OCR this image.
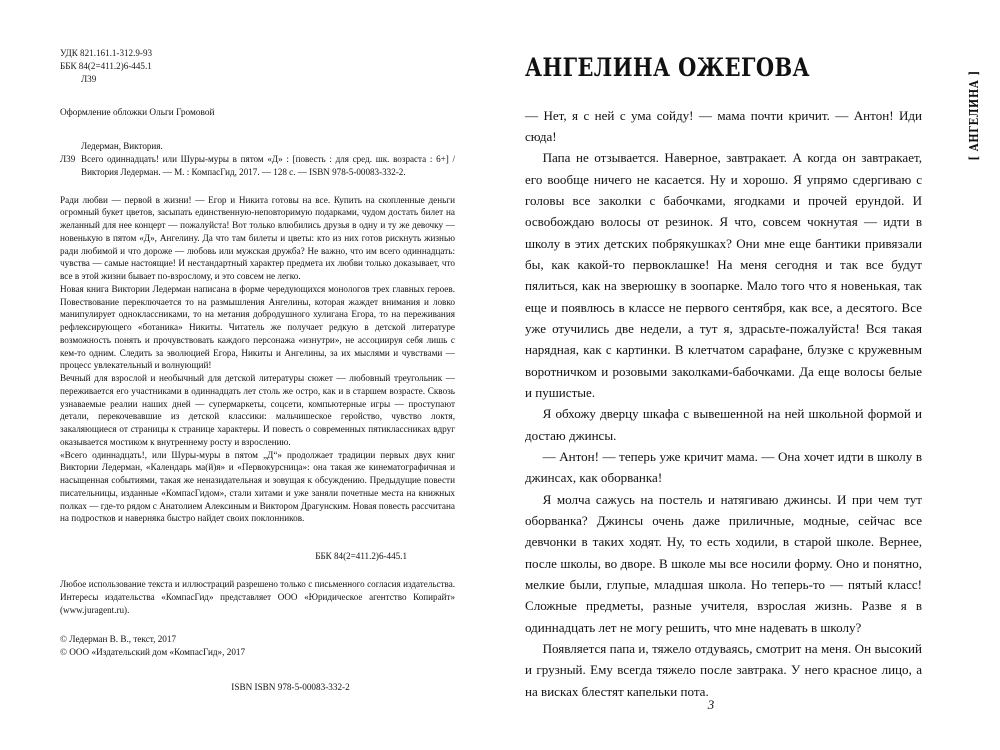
УДК 821.161.1-312.9-93
ББК 84(2=411.2)6-445.1
Л39
Оформление обложки Ольги Громовой
Ледерман, Виктория.
Л39 Всего одиннадцать! или Шуры-муры в пятом «Д» : [повесть : для сред. шк. возраста : 6+] / Виктория Ледерман. — М. : КомпасГид, 2017. — 128 с. — ISBN 978-5-00083-332-2.

Ради любви — первой в жизни! — Егор и Никита готовы на все. Купить на скопленные деньги огромный букет цветов, засыпать единственную-неповторимую подарками, чудом достать билет на желанный для нее концерт — пожалуйста! Вот только влюбились друзья в одну и ту же девочку — новенькую в пятом «Д», Ангелину. Да что там билеты и цветы: кто из них готов рискнуть жизнью ради любимой и что дороже — любовь или мужская дружба? Не важно, что им всего одиннадцать: чувства — самые настоящие! И нестандартный характер предмета их любви только доказывает, что все в этой жизни бывает по-взрослому, и это совсем не легко.

Новая книга Виктории Ледерман написана в форме чередующихся монологов трех главных героев. Повествование переключается то на размышления Ангелины, которая жаждет внимания и ловко манипулирует одноклассниками, то на метания добродушного хулигана Егора, то на переживания рефлексирующего «ботаника» Никиты. Читатель же получает редкую в детской литературе возможность понять и прочувствовать каждого персонажа «изнутри», не ассоциируя себя лишь с кем-то одним. Следить за эволюцией Егора, Никиты и Ангелины, за их мыслями и чувствами — процесс увлекательный и волнующий!

Вечный для взрослой и необычный для детской литературы сюжет — любовный треугольник — переживается его участниками в одиннадцать лет столь же остро, как и в старшем возрасте. Сквозь узнаваемые реалии наших дней — супермаркеты, соцсети, компьютерные игры — проступают детали, перекочевавшие из детской классики: мальчишеское геройство, чувство локтя, закаляющиеся от страницы к странице характеры. И повесть о современных пятиклассниках вдруг оказывается мостиком к внутреннему росту и взрослению.

«Всего одиннадцать!, или Шуры-муры в пятом „Д“» продолжает традиции первых двух книг Виктории Ледерман, «Календарь ма(й)я» и «Первокурсница»: она такая же кинематографичная и насыщенная событиями, такая же неназидательная и зовущая к обсуждению. Предыдущие повести писательницы, изданные «КомпасГидом», стали хитами и уже заняли почетные места на книжных полках — где-то рядом с Анатолием Алексиным и Виктором Драгунским. Новая повесть рассчитана на подростков и наверняка быстро найдет своих поклонников.

ББК 84(2=411.2)6-445.1
Любое использование текста и иллюстраций разрешено только с письменного согласия издательства. Интересы издательства «КомпасГид» представляет ООО «Юридическое агентство Копирайт» (www.juragent.ru).
© Ледерман В. В., текст, 2017
© ООО «Издательский дом «КомпасГид», 2017
ISBN ISBN 978-5-00083-332-2
АНГЕЛИНА ОЖЕГОВА

— Нет, я с ней с ума сойду! — мама почти кричит. — Антон! Иди сюда!

Папа не отзывается. Наверное, завтракает. А когда он завтракает, его вообще ничего не касается. Ну и хорошо. Я упрямо сдергиваю с головы все заколки с бабочками, ягодками и прочей ерундой. И освобождаю волосы от резинок. Я что, совсем чокнутая — идти в школу в этих детских побрякушках? Они мне еще бантики привязали бы, как какой-то первоклашке! На меня сегодня и так все будут пялиться, как на зверюшку в зоопарке. Мало того что я новенькая, так еще и появлюсь в классе не первого сентября, как все, а десятого. Все уже отучились две недели, а тут я, здрасьте-пожалуйста! Вся такая нарядная, как с картинки. В клетчатом сарафане, блузке с кружевным воротничком и розовыми заколками-бабочками. Да еще волосы белые и пушистые.

Я обхожу дверцу шкафа с вывешенной на ней школьной формой и достаю джинсы.

— Антон! — теперь уже кричит мама. — Она хочет идти в школу в джинсах, как оборванка!

Я молча сажусь на постель и натягиваю джинсы. И при чем тут оборванка? Джинсы очень даже приличные, модные, сейчас все девчонки в таких ходят. Ну, то есть ходили, в старой школе. Вернее, после школы, во дворе. В школе мы все носили форму. Оно и понятно, мелкие были, глупые, младшая школа. Но теперь-то — пятый класс! Сложные предметы, разные учителя, взрослая жизнь. Разве я в одиннадцать лет не могу решить, что мне надевать в школу?

Появляется папа и, тяжело отдуваясь, смотрит на меня. Он высокий и грузный. Ему всегда тяжело после завтрака. У него красное лицо, а на висках блестят капельки пота.

3
[ АНГЕЛИНА ]
